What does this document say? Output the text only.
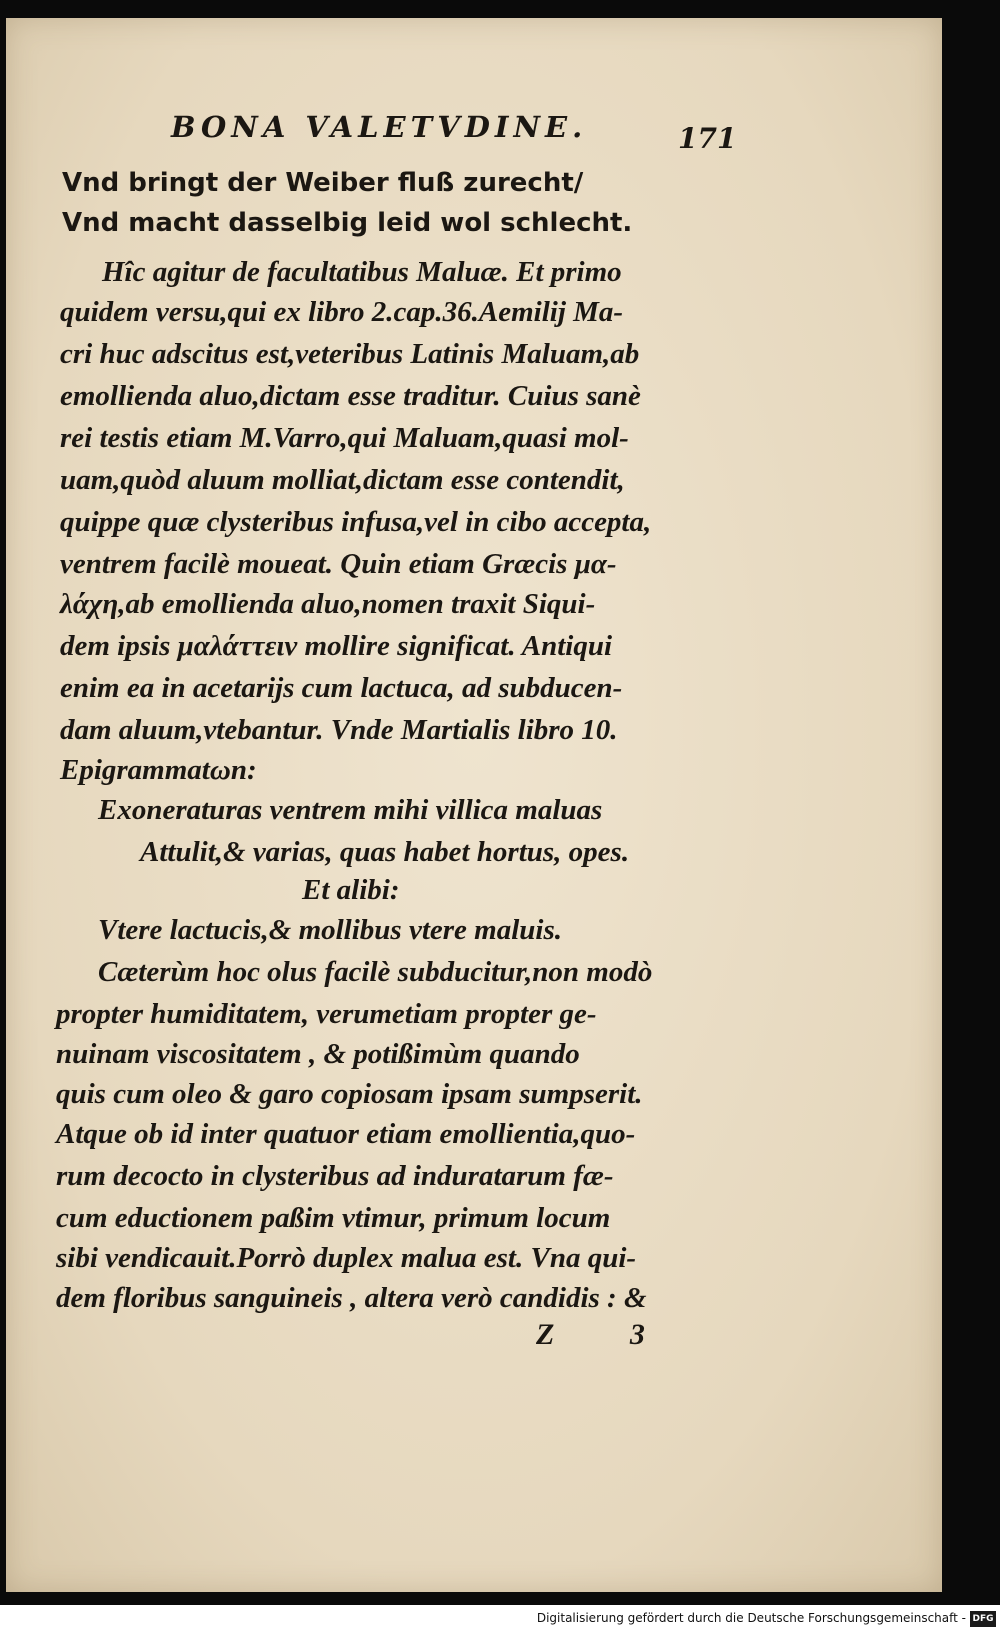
BONA VALETVDINE.	171
Vnd bringt der Weiber fluß zurecht/
Vnd macht dasselbig leid wol schlecht.
Hîc agitur de facultatibus Maluæ. Et primo
quidem versu,qui ex libro 2.cap.36.Aemilij Ma-
cri huc adscitus est,veteribus Latinis Maluam,ab
emollienda aluo,dictam esse traditur. Cuius sanè
rei testis etiam M.Varro,qui Maluam,quasi mol-
uam,quòd aluum molliat,dictam esse contendit,
quippe quæ clysteribus infusa,vel in cibo accepta,
ventrem facilè moueat. Quin etiam Græcis μα-
λάχη,ab emollienda aluo,nomen traxit Siqui-
dem ipsis μαλάττειν mollire significat. Antiqui
enim ea in acetarijs cum lactuca, ad subducen-
dam aluum,vtebantur. Vnde Martialis libro 10.
Epigrammatωn:
Exoneraturas ventrem mihi villica maluas
Attulit,& varias, quas habet hortus, opes.
Et alibi:
Vtere lactucis,& mollibus vtere maluis.
Cæterùm hoc olus facilè subducitur,non modò
propter humiditatem, verumetiam propter ge-
nuinam viscositatem , & potißimùm quando
quis cum oleo & garo copiosam ipsam sumpserit.
Atque ob id inter quatuor etiam emollientia,quo-
rum decocto in clysteribus ad induratarum fæ-
cum eductionem paßim vtimur, primum locum
sibi vendicauit.Porrò duplex malua est. Vna qui-
dem floribus sanguineis , altera verò candidis : &
Z 3
Digitalisierung gefördert durch die Deutsche Forschungsgemeinschaft - DFG
